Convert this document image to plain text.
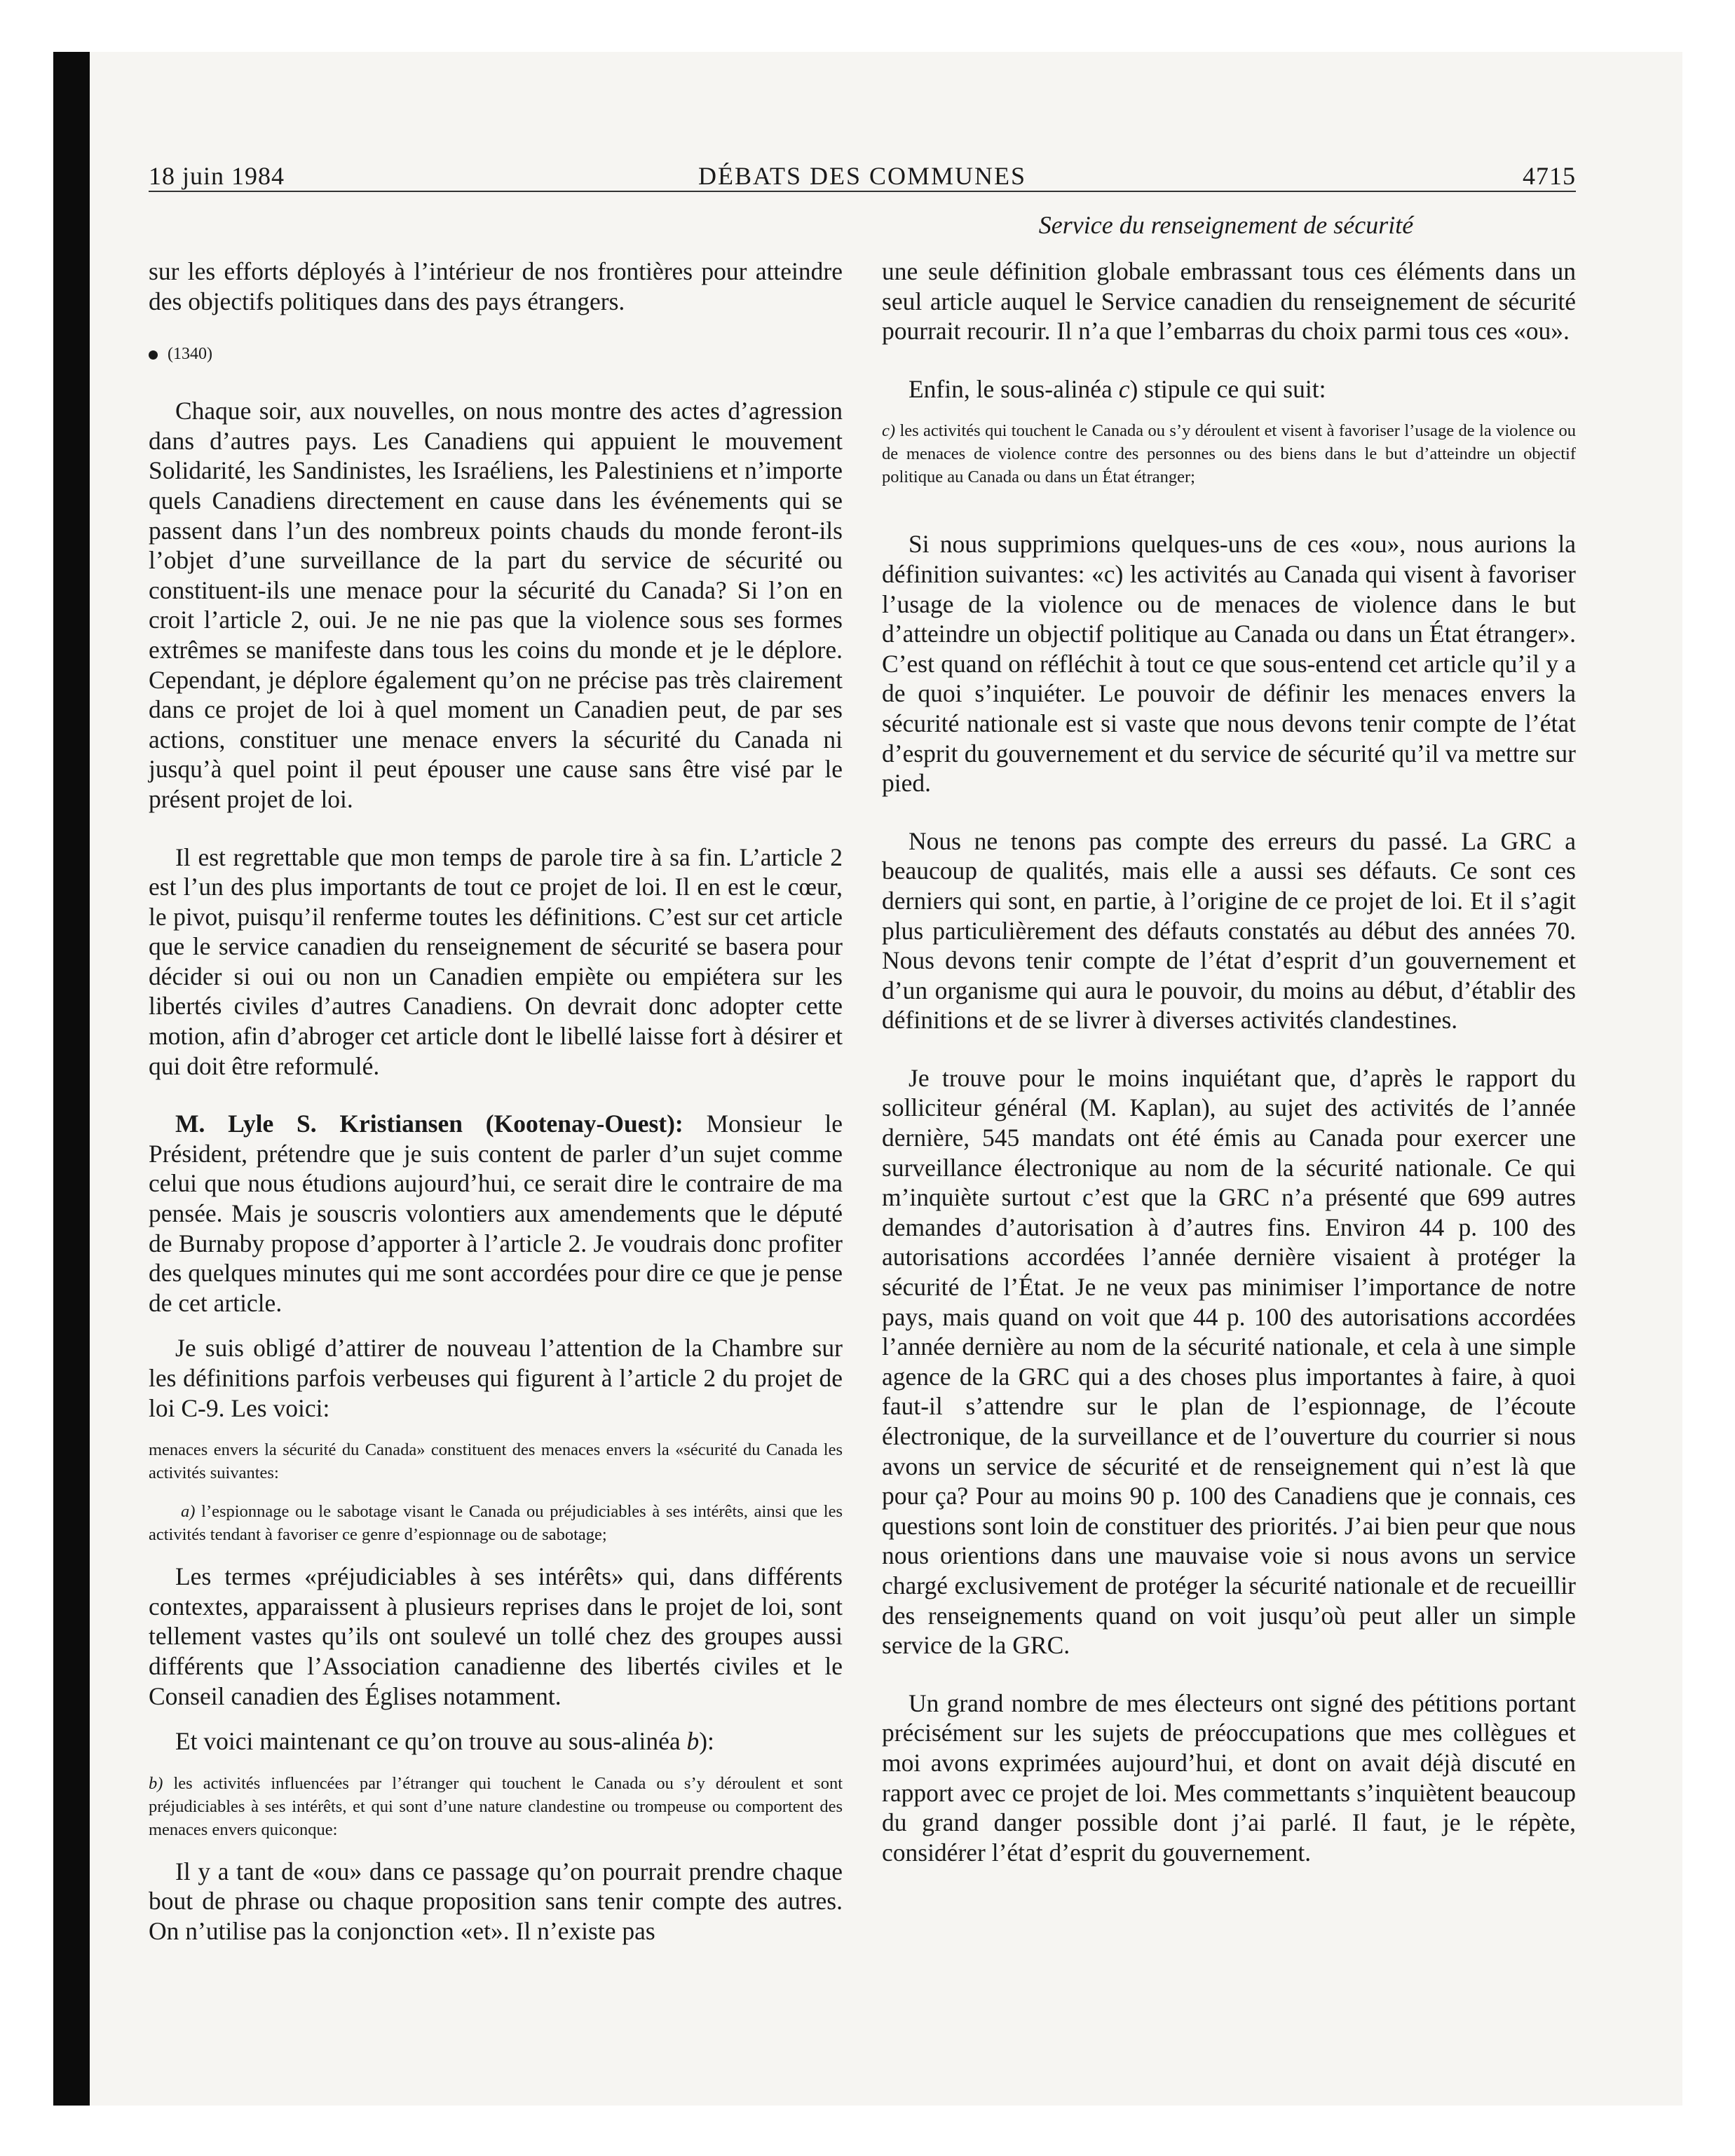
18 juin 1984	DÉBATS DES COMMUNES	4715
Service du renseignement de sécurité

sur les efforts déployés à l’intérieur de nos frontières pour atteindre des objectifs politiques dans des pays étrangers.

(1340)

Chaque soir, aux nouvelles, on nous montre des actes d’agression dans d’autres pays. Les Canadiens qui appuient le mouvement Solidarité, les Sandinistes, les Israéliens, les Palestiniens et n’importe quels Canadiens directement en cause dans les événements qui se passent dans l’un des nombreux points chauds du monde feront-ils l’objet d’une surveillance de la part du service de sécurité ou constituent-ils une menace pour la sécurité du Canada? Si l’on en croit l’article 2, oui. Je ne nie pas que la violence sous ses formes extrêmes se manifeste dans tous les coins du monde et je le déplore. Cependant, je déplore également qu’on ne précise pas très clairement dans ce projet de loi à quel moment un Canadien peut, de par ses actions, constituer une menace envers la sécurité du Canada ni jusqu’à quel point il peut épouser une cause sans être visé par le présent projet de loi.

Il est regrettable que mon temps de parole tire à sa fin. L’article 2 est l’un des plus importants de tout ce projet de loi. Il en est le cœur, le pivot, puisqu’il renferme toutes les définitions. C’est sur cet article que le service canadien du renseignement de sécurité se basera pour décider si oui ou non un Canadien empiète ou empiétera sur les libertés civiles d’autres Canadiens. On devrait donc adopter cette motion, afin d’abroger cet article dont le libellé laisse fort à désirer et qui doit être reformulé.

M. Lyle S. Kristiansen (Kootenay-Ouest): Monsieur le Président, prétendre que je suis content de parler d’un sujet comme celui que nous étudions aujourd’hui, ce serait dire le contraire de ma pensée. Mais je souscris volontiers aux amendements que le député de Burnaby propose d’apporter à l’article 2. Je voudrais donc profiter des quelques minutes qui me sont accordées pour dire ce que je pense de cet article.

Je suis obligé d’attirer de nouveau l’attention de la Chambre sur les définitions parfois verbeuses qui figurent à l’article 2 du projet de loi C-9. Les voici:

menaces envers la sécurité du Canada» constituent des menaces envers la «sécurité du Canada les activités suivantes:

a) l’espionnage ou le sabotage visant le Canada ou préjudiciables à ses intérêts, ainsi que les activités tendant à favoriser ce genre d’espionnage ou de sabotage;

Les termes «préjudiciables à ses intérêts» qui, dans différents contextes, apparaissent à plusieurs reprises dans le projet de loi, sont tellement vastes qu’ils ont soulevé un tollé chez des groupes aussi différents que l’Association canadienne des libertés civiles et le Conseil canadien des Églises notamment.

Et voici maintenant ce qu’on trouve au sous-alinéa b):

b) les activités influencées par l’étranger qui touchent le Canada ou s’y déroulent et sont préjudiciables à ses intérêts, et qui sont d’une nature clandestine ou trompeuse ou comportent des menaces envers quiconque:

Il y a tant de «ou» dans ce passage qu’on pourrait prendre chaque bout de phrase ou chaque proposition sans tenir compte des autres. On n’utilise pas la conjonction «et». Il n’existe pas

une seule définition globale embrassant tous ces éléments dans un seul article auquel le Service canadien du renseignement de sécurité pourrait recourir. Il n’a que l’embarras du choix parmi tous ces «ou».

Enfin, le sous-alinéa c) stipule ce qui suit:

c) les activités qui touchent le Canada ou s’y déroulent et visent à favoriser l’usage de la violence ou de menaces de violence contre des personnes ou des biens dans le but d’atteindre un objectif politique au Canada ou dans un État étranger;

Si nous supprimions quelques-uns de ces «ou», nous aurions la définition suivantes: «c) les activités au Canada qui visent à favoriser l’usage de la violence ou de menaces de violence dans le but d’atteindre un objectif politique au Canada ou dans un État étranger». C’est quand on réfléchit à tout ce que sous-entend cet article qu’il y a de quoi s’inquiéter. Le pouvoir de définir les menaces envers la sécurité nationale est si vaste que nous devons tenir compte de l’état d’esprit du gouvernement et du service de sécurité qu’il va mettre sur pied.

Nous ne tenons pas compte des erreurs du passé. La GRC a beaucoup de qualités, mais elle a aussi ses défauts. Ce sont ces derniers qui sont, en partie, à l’origine de ce projet de loi. Et il s’agit plus particulièrement des défauts constatés au début des années 70. Nous devons tenir compte de l’état d’esprit d’un gouvernement et d’un organisme qui aura le pouvoir, du moins au début, d’établir des définitions et de se livrer à diverses activités clandestines.

Je trouve pour le moins inquiétant que, d’après le rapport du solliciteur général (M. Kaplan), au sujet des activités de l’année dernière, 545 mandats ont été émis au Canada pour exercer une surveillance électronique au nom de la sécurité nationale. Ce qui m’inquiète surtout c’est que la GRC n’a présenté que 699 autres demandes d’autorisation à d’autres fins. Environ 44 p. 100 des autorisations accordées l’année dernière visaient à protéger la sécurité de l’État. Je ne veux pas minimiser l’importance de notre pays, mais quand on voit que 44 p. 100 des autorisations accordées l’année dernière au nom de la sécurité nationale, et cela à une simple agence de la GRC qui a des choses plus importantes à faire, à quoi faut-il s’attendre sur le plan de l’espionnage, de l’écoute électronique, de la surveillance et de l’ouverture du courrier si nous avons un service de sécurité et de renseignement qui n’est là que pour ça? Pour au moins 90 p. 100 des Canadiens que je connais, ces questions sont loin de constituer des priorités. J’ai bien peur que nous nous orientions dans une mauvaise voie si nous avons un service chargé exclusivement de protéger la sécurité nationale et de recueillir des renseignements quand on voit jusqu’où peut aller un simple service de la GRC.

Un grand nombre de mes électeurs ont signé des pétitions portant précisément sur les sujets de préoccupations que mes collègues et moi avons exprimées aujourd’hui, et dont on avait déjà discuté en rapport avec ce projet de loi. Mes commettants s’inquiètent beaucoup du grand danger possible dont j’ai parlé. Il faut, je le répète, considérer l’état d’esprit du gouvernement.
